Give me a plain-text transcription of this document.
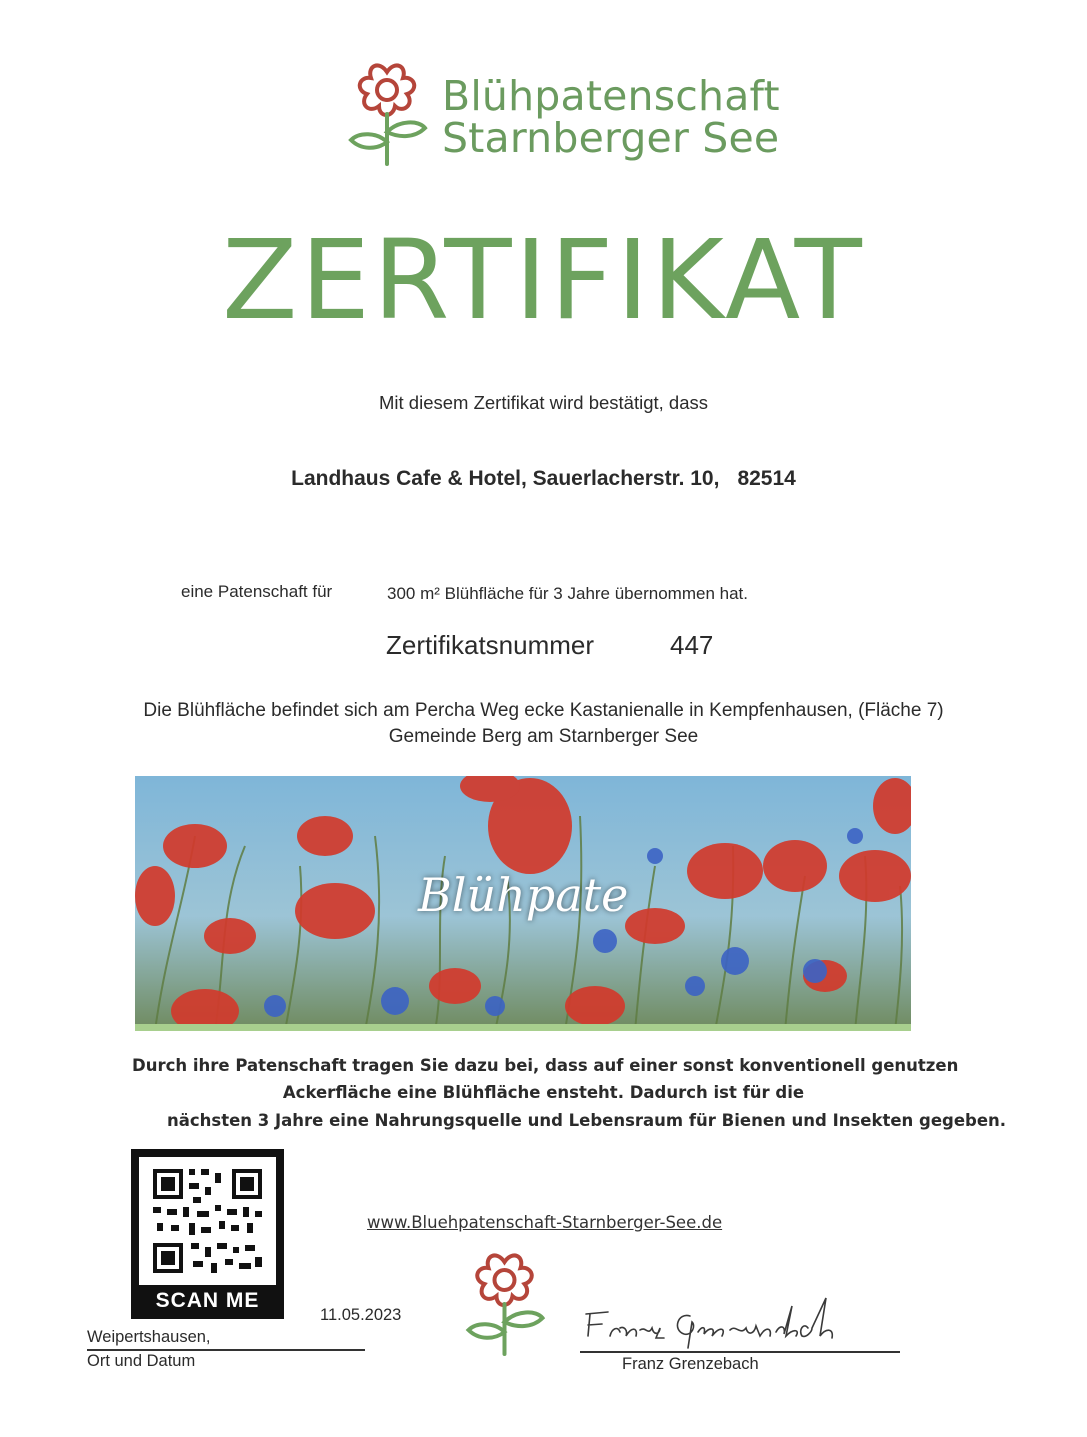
Blühpatenschaft
Starnberger See
ZERTIFIKAT
Mit diesem Zertifikat wird bestätigt, dass
Landhaus Cafe & Hotel, Sauerlacherstr. 10, 82514
eine Patenschaft für	300 m² Blühfläche für 3 Jahre übernommen hat.
Zertifikatsnummer	447
Die Blühfläche befindet sich am Percha Weg ecke Kastanienalle in Kempfenhausen, (Fläche 7)
Gemeinde Berg am Starnberger See
Blühpate
Durch ihre Patenschaft tragen Sie dazu bei, dass auf einer sonst konventionell genutzen
Ackerfläche eine Blühfläche ensteht. Dadurch ist für die
nächsten 3 Jahre eine Nahrungsquelle und Lebensraum für Bienen und Insekten gegeben.
SCAN ME
www.Bluehpatenschaft-Starnberger-See.de
11.05.2023
Weipertshausen,
Ort und Datum	Franz Grenzebach
